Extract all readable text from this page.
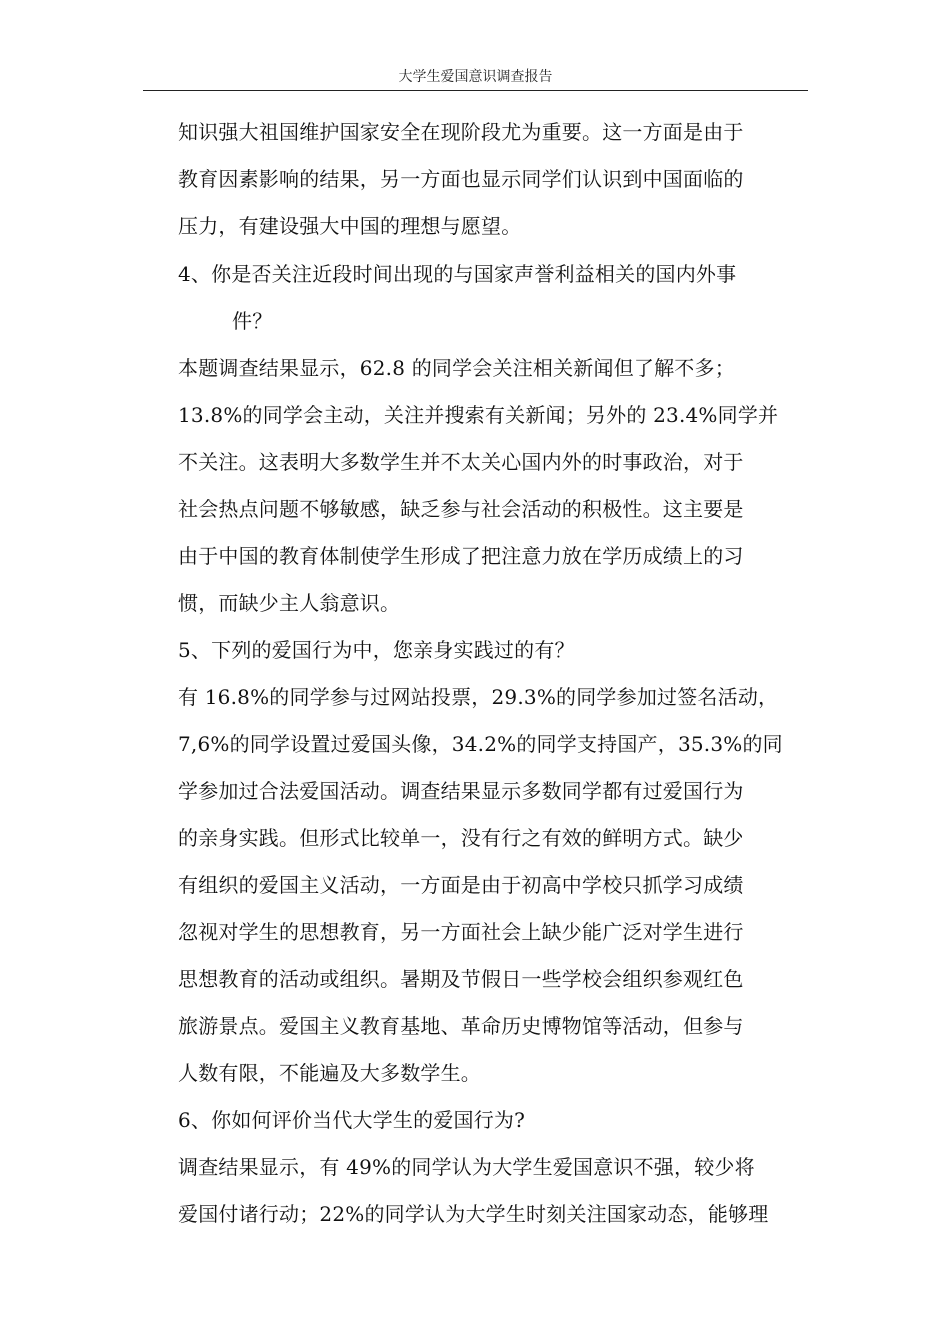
大学生爱国意识调查报告
知识强大祖国维护国家安全在现阶段尤为重要。这一方面是由于
教育因素影响的结果，另一方面也显示同学们认识到中国面临的
压力，有建设强大中国的理想与愿望。
4、你是否关注近段时间出现的与国家声誉利益相关的国内外事
件？
本题调查结果显示，62.8 的同学会关注相关新闻但了解不多；
13.8%的同学会主动，关注并搜索有关新闻；另外的 23.4%同学并
不关注。这表明大多数学生并不太关心国内外的时事政治，对于
社会热点问题不够敏感，缺乏参与社会活动的积极性。这主要是
由于中国的教育体制使学生形成了把注意力放在学历成绩上的习
惯，而缺少主人翁意识。
5、下列的爱国行为中，您亲身实践过的有？
有 16.8%的同学参与过网站投票，29.3%的同学参加过签名活动，
7,6%的同学设置过爱国头像，34.2%的同学支持国产，35.3%的同
学参加过合法爱国活动。调查结果显示多数同学都有过爱国行为
的亲身实践。但形式比较单一，没有行之有效的鲜明方式。缺少
有组织的爱国主义活动，一方面是由于初高中学校只抓学习成绩
忽视对学生的思想教育，另一方面社会上缺少能广泛对学生进行
思想教育的活动或组织。暑期及节假日一些学校会组织参观红色
旅游景点。爱国主义教育基地、革命历史博物馆等活动，但参与
人数有限，不能遍及大多数学生。
6、你如何评价当代大学生的爱国行为?
调查结果显示，有 49%的同学认为大学生爱国意识不强，较少将
爱国付诸行动；22%的同学认为大学生时刻关注国家动态，能够理
